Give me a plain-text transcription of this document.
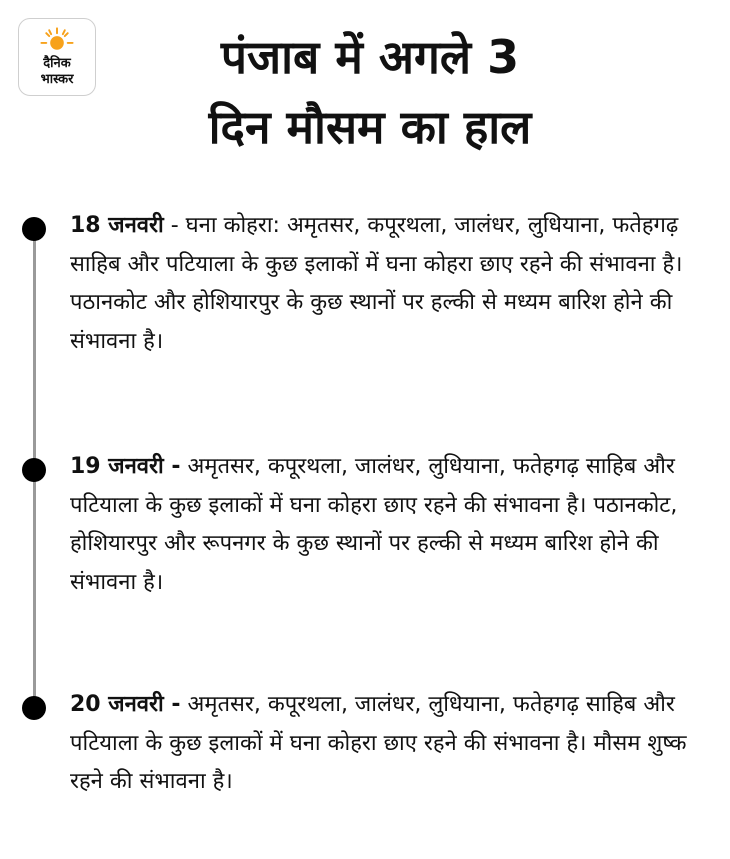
दैनिक
भास्कर	पंजाब में अगले 3
दिन मौसम का हाल

18 जनवरी - घना कोहरा: अमृतसर, कपूरथला, जालंधर, लुधियाना, फतेहगढ़ साहिब और पटियाला के कुछ इलाकों में घना कोहरा छाए रहने की संभावना है। पठानकोट और होशियारपुर के कुछ स्थानों पर हल्की से मध्यम बारिश होने की संभावना है।

19 जनवरी - अमृतसर, कपूरथला, जालंधर, लुधियाना, फतेहगढ़ साहिब और पटियाला के कुछ इलाकों में घना कोहरा छाए रहने की संभावना है। पठानकोट, होशियारपुर और रूपनगर के कुछ स्थानों पर हल्की से मध्यम बारिश होने की संभावना है।

20 जनवरी - अमृतसर, कपूरथला, जालंधर, लुधियाना, फतेहगढ़ साहिब और पटियाला के कुछ इलाकों में घना कोहरा छाए रहने की संभावना है। मौसम शुष्क रहने की संभावना है।
